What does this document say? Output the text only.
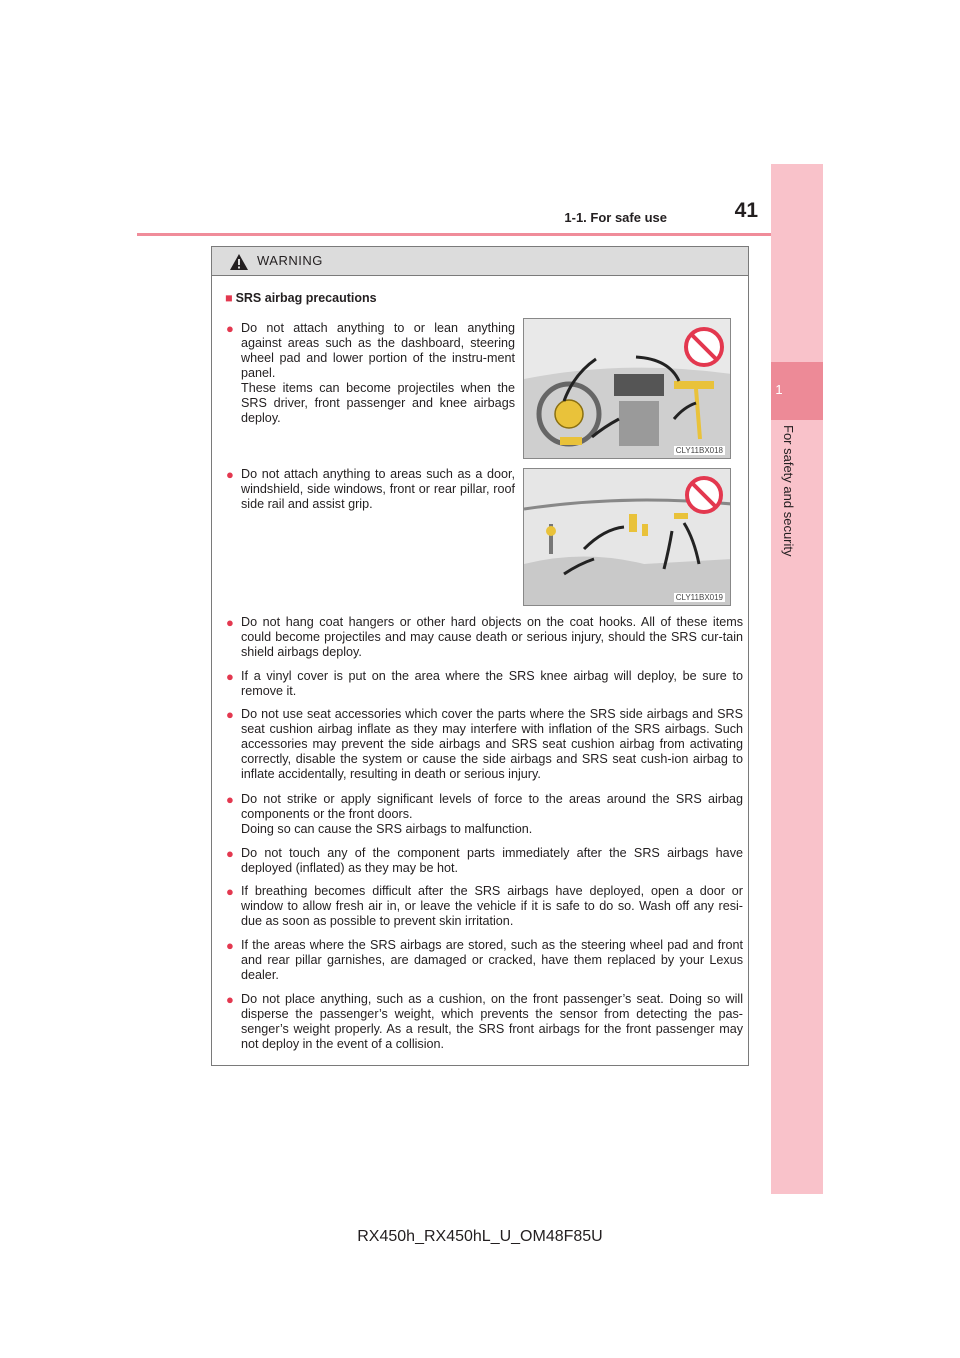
1-1. For safe use	41
1
For safety and security
WARNING
■ SRS airbag precautions
● Do not attach anything to or lean anything against areas such as the dashboard, steering wheel pad and lower portion of the instru-ment panel.
These items can become projectiles when the SRS driver, front passenger and knee airbags deploy.
CLY11BX018
● Do not attach anything to areas such as a door, windshield, side windows, front or rear pillar, roof side rail and assist grip.
CLY11BX019
● Do not hang coat hangers or other hard objects on the coat hooks. All of these items could become projectiles and may cause death or serious injury, should the SRS cur-tain shield airbags deploy.
● If a vinyl cover is put on the area where the SRS knee airbag will deploy, be sure to remove it.
● Do not use seat accessories which cover the parts where the SRS side airbags and SRS seat cushion airbag inflate as they may interfere with inflation of the SRS airbags. Such accessories may prevent the side airbags and SRS seat cushion airbag from activating correctly, disable the system or cause the side airbags and SRS seat cush-ion airbag to inflate accidentally, resulting in death or serious injury.
● Do not strike or apply significant levels of force to the areas around the SRS airbag components or the front doors.
Doing so can cause the SRS airbags to malfunction.
● Do not touch any of the component parts immediately after the SRS airbags have deployed (inflated) as they may be hot.
● If breathing becomes difficult after the SRS airbags have deployed, open a door or window to allow fresh air in, or leave the vehicle if it is safe to do so. Wash off any resi-due as soon as possible to prevent skin irritation.
● If the areas where the SRS airbags are stored, such as the steering wheel pad and front and rear pillar garnishes, are damaged or cracked, have them replaced by your Lexus dealer.
● Do not place anything, such as a cushion, on the front passenger’s seat. Doing so will disperse the passenger’s weight, which prevents the sensor from detecting the pas-senger’s weight properly. As a result, the SRS front airbags for the front passenger may not deploy in the event of a collision.
RX450h_RX450hL_U_OM48F85U
